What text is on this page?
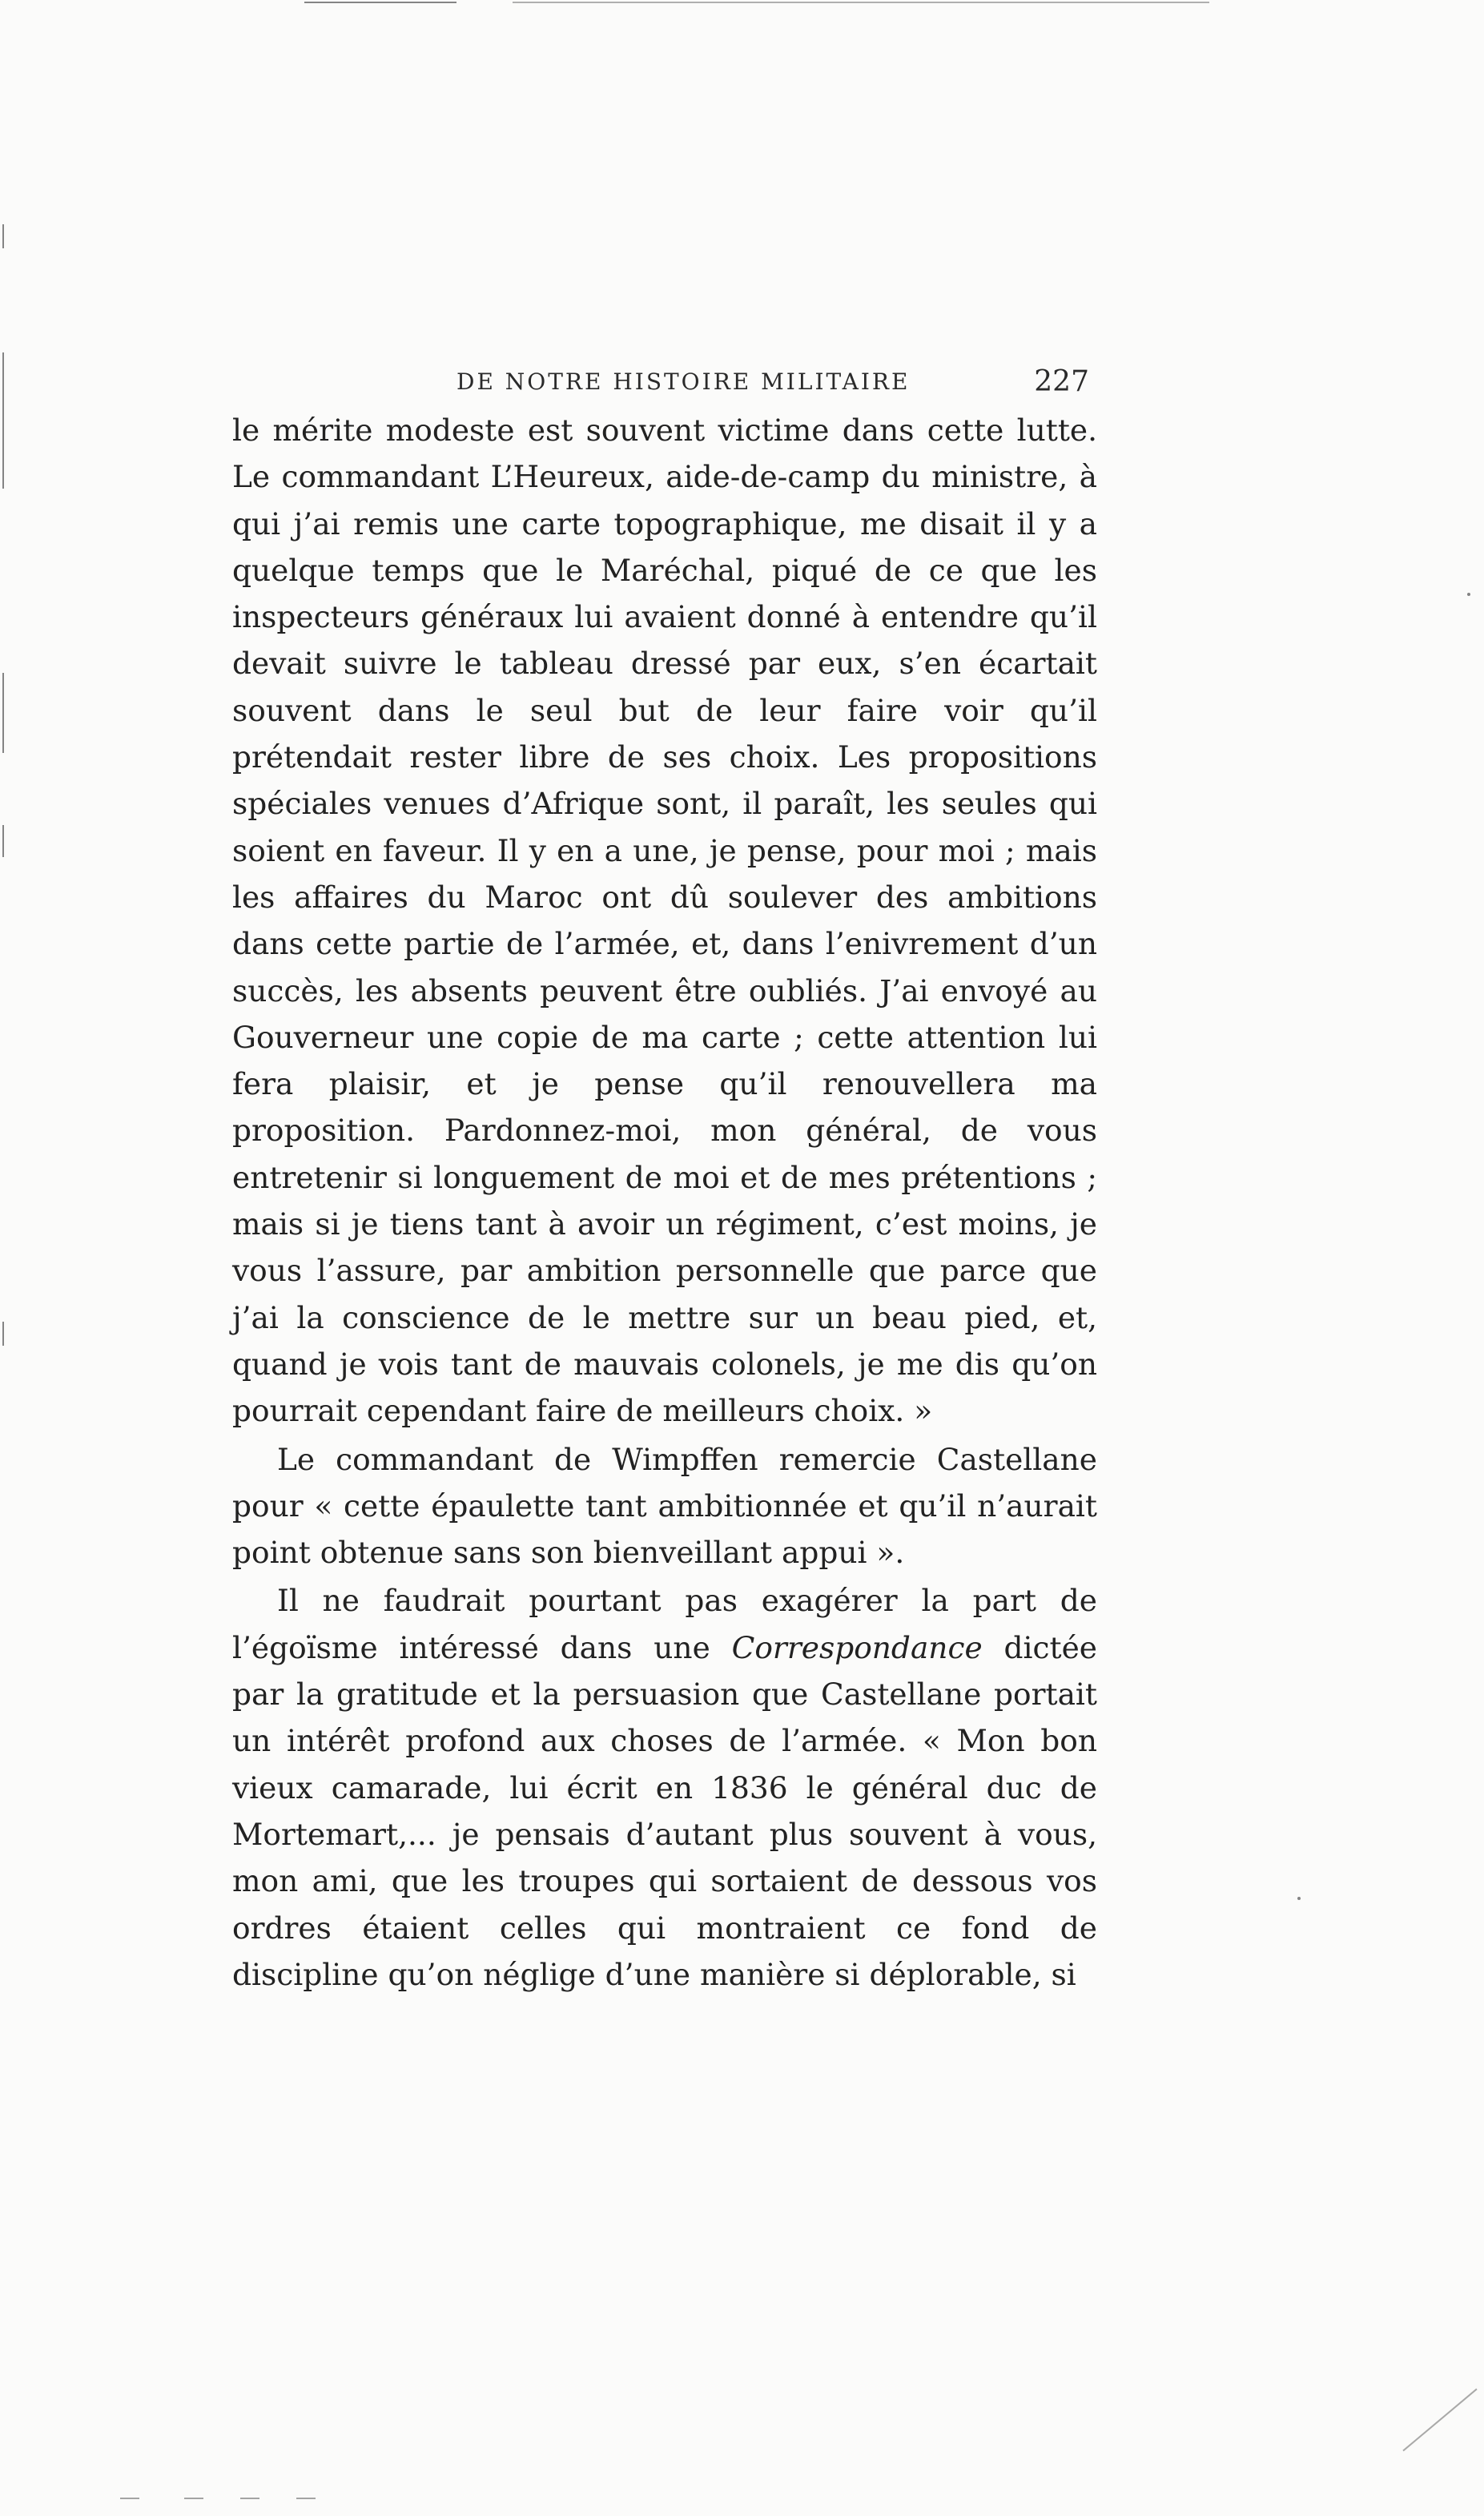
DE NOTRE HISTOIRE MILITAIRE	227

le mérite modeste est souvent victime dans cette lutte. Le commandant L’Heureux, aide-de-camp du ministre, à qui j’ai remis une carte topographique, me disait il y a quelque temps que le Maréchal, piqué de ce que les inspecteurs généraux lui avaient donné à entendre qu’il devait suivre le tableau dressé par eux, s’en écartait souvent dans le seul but de leur faire voir qu’il prétendait rester libre de ses choix. Les propositions spéciales venues d’Afrique sont, il paraît, les seules qui soient en faveur. Il y en a une, je pense, pour moi ; mais les affaires du Maroc ont dû soulever des ambitions dans cette partie de l’armée, et, dans l’enivrement d’un succès, les absents peuvent être oubliés. J’ai envoyé au Gouverneur une copie de ma carte ; cette attention lui fera plaisir, et je pense qu’il renouvellera ma proposition. Pardonnez-moi, mon général, de vous entretenir si longuement de moi et de mes prétentions ; mais si je tiens tant à avoir un régiment, c’est moins, je vous l’assure, par ambition personnelle que parce que j’ai la conscience de le mettre sur un beau pied, et, quand je vois tant de mauvais colonels, je me dis qu’on pourrait cependant faire de meilleurs choix. »

Le commandant de Wimpffen remercie Castellane pour « cette épaulette tant ambitionnée et qu’il n’aurait point obtenue sans son bienveillant appui ».

Il ne faudrait pourtant pas exagérer la part de l’égoïsme intéressé dans une Correspondance dictée par la gratitude et la persuasion que Castellane portait un intérêt profond aux choses de l’armée. « Mon bon vieux camarade, lui écrit en 1836 le général duc de Mortemart,... je pensais d’autant plus souvent à vous, mon ami, que les troupes qui sortaient de dessous vos ordres étaient celles qui montraient ce fond de discipline qu’on néglige d’une manière si déplorable, si
